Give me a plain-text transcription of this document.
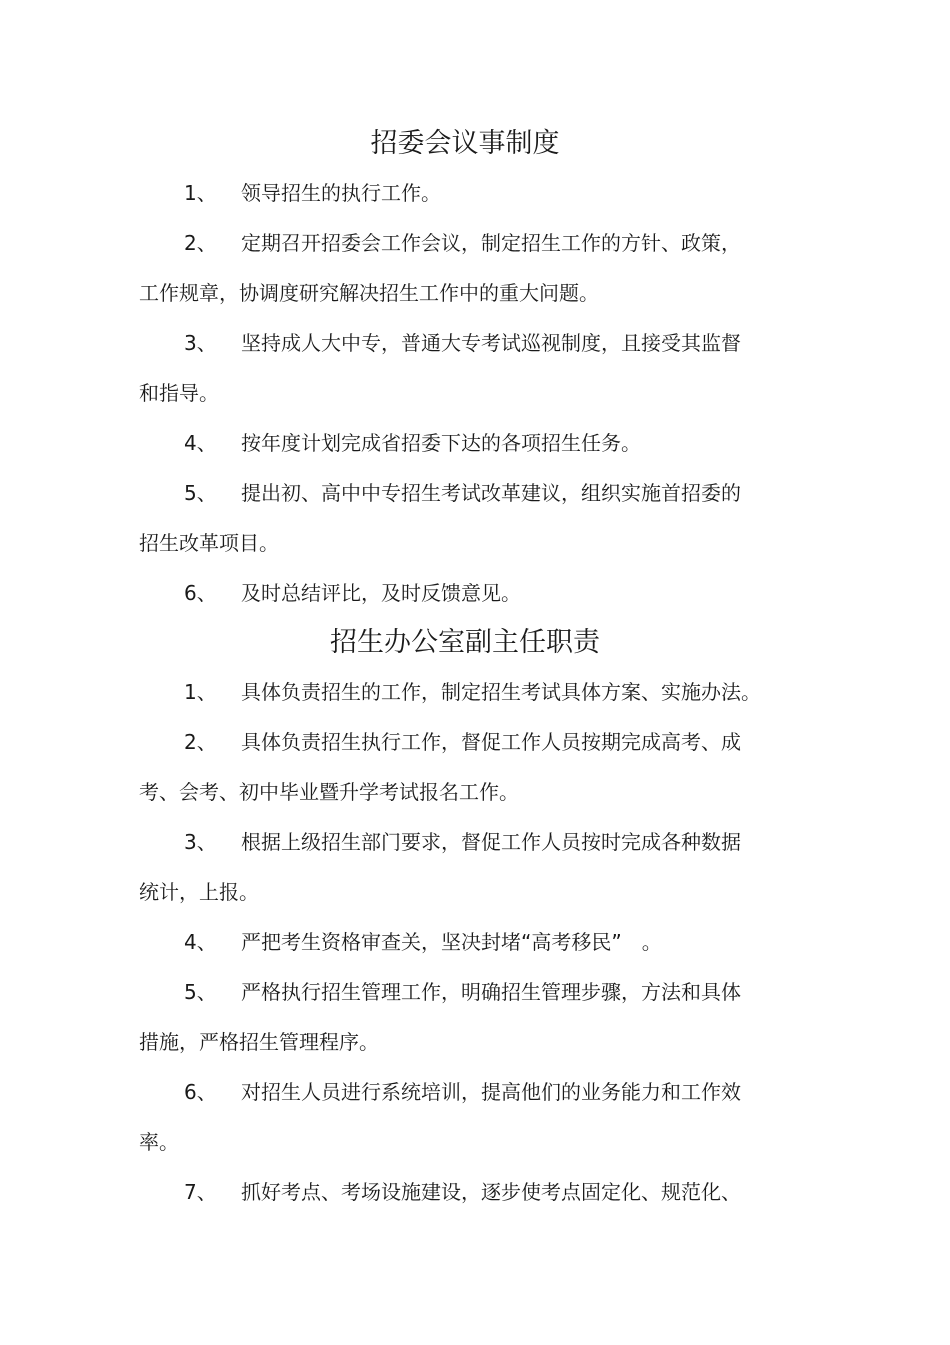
招委会议事制度
1、 领导招生的执行工作。
2、 定期召开招委会工作会议，制定招生工作的方针、政策，
工作规章，协调度研究解决招生工作中的重大问题。
3、 坚持成人大中专，普通大专考试巡视制度，且接受其监督
和指导。
4、 按年度计划完成省招委下达的各项招生任务。
5、 提出初、高中中专招生考试改革建议，组织实施首招委的
招生改革项目。
6、 及时总结评比，及时反馈意见。
招生办公室副主任职责
1、 具体负责招生的工作，制定招生考试具体方案、实施办法。
2、 具体负责招生执行工作，督促工作人员按期完成高考、成
考、会考、初中毕业暨升学考试报名工作。
3、 根据上级招生部门要求，督促工作人员按时完成各种数据
统计，上报。
4、 严把考生资格审查关，坚决封堵“高考移民”　。
5、 严格执行招生管理工作，明确招生管理步骤，方法和具体
措施，严格招生管理程序。
6、 对招生人员进行系统培训，提高他们的业务能力和工作效
率。
7、 抓好考点、考场设施建设，逐步使考点固定化、规范化、
